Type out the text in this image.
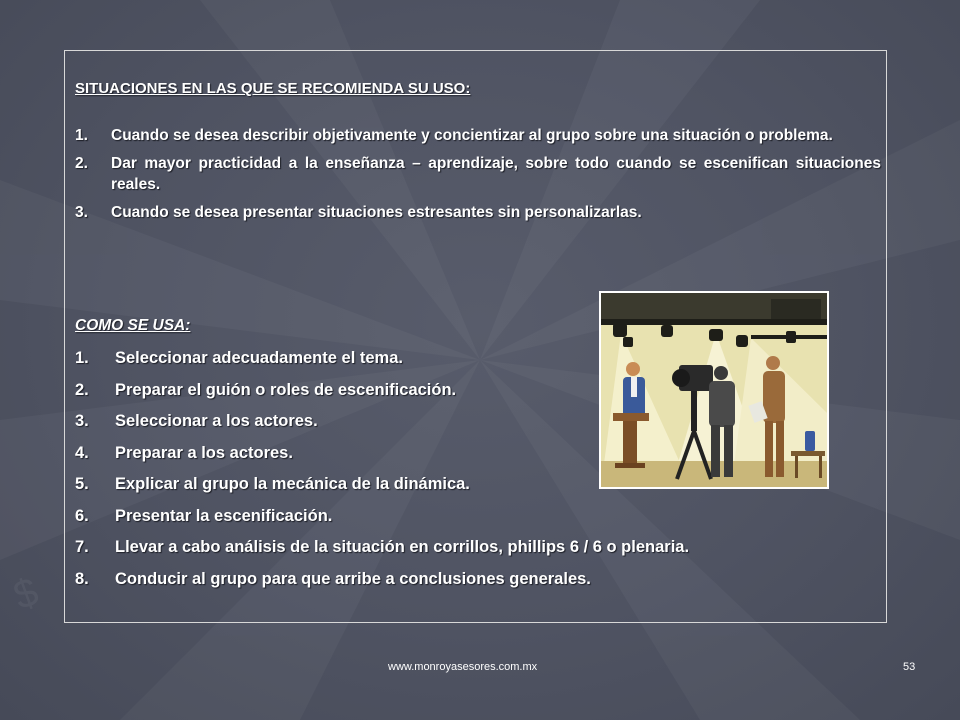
$
SITUACIONES EN LAS QUE SE RECOMIENDA SU USO:
1. Cuando se desea describir objetivamente y concientizar al grupo sobre una situación o problema.
2. Dar mayor practicidad a la enseñanza – aprendizaje, sobre todo cuando se escenifican situaciones reales.
3. Cuando se desea presentar situaciones estresantes sin personalizarlas.
COMO SE USA:
1. Seleccionar adecuadamente el tema.
2. Preparar el guión o roles de escenificación.
3. Seleccionar a los actores.
4. Preparar a los actores.
5. Explicar al grupo la mecánica de la dinámica.
6. Presentar la escenificación.
7. Llevar a cabo análisis de la situación en corrillos, phillips 6 / 6 o plenaria.
8. Conducir al grupo para que arribe a conclusiones generales.
www.monroyasesores.com.mx	53
